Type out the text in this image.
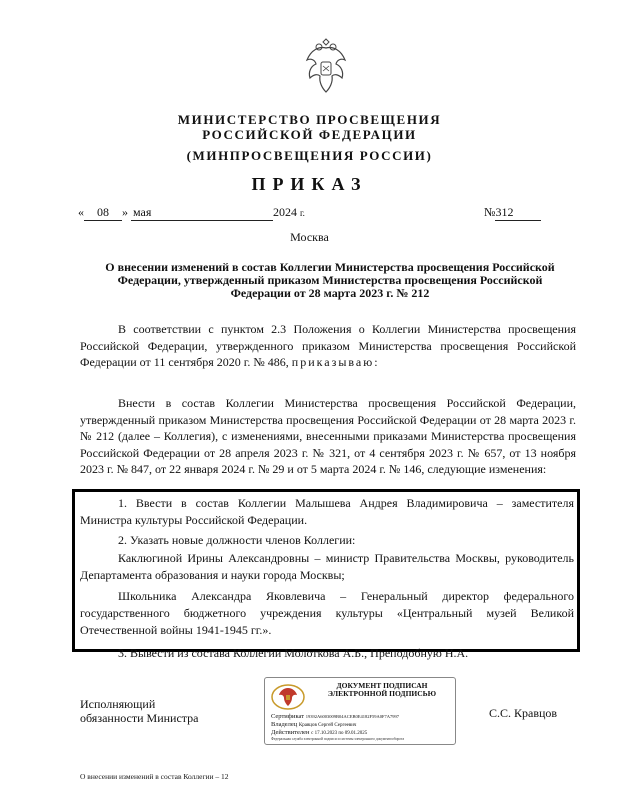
МИНИСТЕРСТВО ПРОСВЕЩЕНИЯ
РОССИЙСКОЙ ФЕДЕРАЦИИ
(МИНПРОСВЕЩЕНИЯ РОССИИ)
ПРИКАЗ
« 08 » мая	2024 г.	№312
Москва
О внесении изменений в состав Коллегии Министерства просвещения Российской Федерации, утвержденный приказом Министерства просвещения Российской Федерации от 28 марта 2023 г. № 212
В соответствии с пунктом 2.3 Положения о Коллегии Министерства просвещения Российской Федерации, утвержденного приказом Министерства просвещения Российской Федерации от 11 сентября 2020 г. № 486, приказываю:
Внести в состав Коллегии Министерства просвещения Российской Федерации, утвержденный приказом Министерства просвещения Российской Федерации от 28 марта 2023 г. № 212 (далее – Коллегия), с изменениями, внесенными приказами Министерства просвещения Российской Федерации от 28 апреля 2023 г. № 321, от 4 сентября 2023 г. № 657, от 13 ноября 2023 г. № 847, от 22 января 2024 г. № 29 и от 5 марта 2024 г. № 146, следующие изменения:
1. Ввести в состав Коллегии Малышева Андрея Владимировича – заместителя Министра культуры Российской Федерации.
2. Указать новые должности членов Коллегии:
Каклюгиной Ирины Александровны – министр Правительства Москвы, руководитель Департамента образования и науки города Москвы;
Школьника Александра Яковлевича – Генеральный директор федерального государственного бюджетного учреждения культуры «Центральный музей Великой Отечественной войны 1941-1945 гг.».
3. Вывести из состава Коллегии Молоткова А.Б., Преподобную Н.А.
Исполняющий
обязанности Министра
ДОКУМЕНТ ПОДПИСАН
ЭЛЕКТРОННОЙ ПОДПИСЬЮ
Сертификат 19392A6003009B04ACEB0E4182F59A0F7A7997
Владелец Кравцов Сергей Сергеевич
Действителен с 17.10.2023 по 09.01.2025
Федеральная служба электронной подписи и системы электронного документооборота
С.С. Кравцов
О внесении изменений в состав Коллегии – 12
